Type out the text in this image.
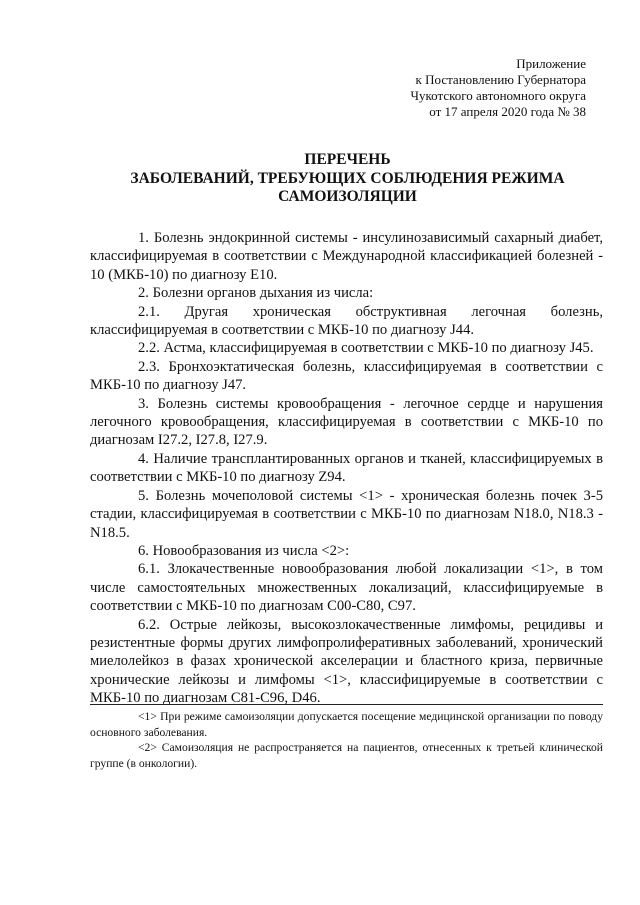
Приложение
к Постановлению Губернатора
Чукотского автономного округа
от 17 апреля 2020 года № 38
ПЕРЕЧЕНЬ
ЗАБОЛЕВАНИЙ, ТРЕБУЮЩИХ СОБЛЮДЕНИЯ РЕЖИМА
САМОИЗОЛЯЦИИ

1. Болезнь эндокринной системы - инсулинозависимый сахарный диабет, классифицируемая в соответствии с Международной классификацией болезней - 10 (МКБ-10) по диагнозу Е10.

2. Болезни органов дыхания из числа:

2.1. Другая хроническая обструктивная легочная болезнь, классифицируемая в соответствии с МКБ-10 по диагнозу J44.

2.2. Астма, классифицируемая в соответствии с МКБ-10 по диагнозу J45.

2.3. Бронхоэктатическая болезнь, классифицируемая в соответствии с МКБ-10 по диагнозу J47.

3. Болезнь системы кровообращения - легочное сердце и нарушения легочного кровообращения, классифицируемая в соответствии с МКБ-10 по диагнозам I27.2, I27.8, I27.9.

4. Наличие трансплантированных органов и тканей, классифицируемых в соответствии с МКБ-10 по диагнозу Z94.

5. Болезнь мочеполовой системы <1> - хроническая болезнь почек 3-5 стадии, классифицируемая в соответствии с МКБ-10 по диагнозам N18.0, N18.3 - N18.5.

6. Новообразования из числа <2>:

6.1. Злокачественные новообразования любой локализации <1>, в том числе самостоятельных множественных локализаций, классифицируемые в соответствии с МКБ-10 по диагнозам С00-С80, С97.

6.2. Острые лейкозы, высокозлокачественные лимфомы, рецидивы и резистентные формы других лимфопролиферативных заболеваний, хронический миелолейкоз в фазах хронической акселерации и бластного криза, первичные хронические лейкозы и лимфомы <1>, классифицируемые в соответствии с МКБ-10 по диагнозам С81-С96, D46.

<1> При режиме самоизоляции допускается посещение медицинской организации по поводу основного заболевания.

<2> Самоизоляция не распространяется на пациентов, отнесенных к третьей клинической группе (в онкологии).
